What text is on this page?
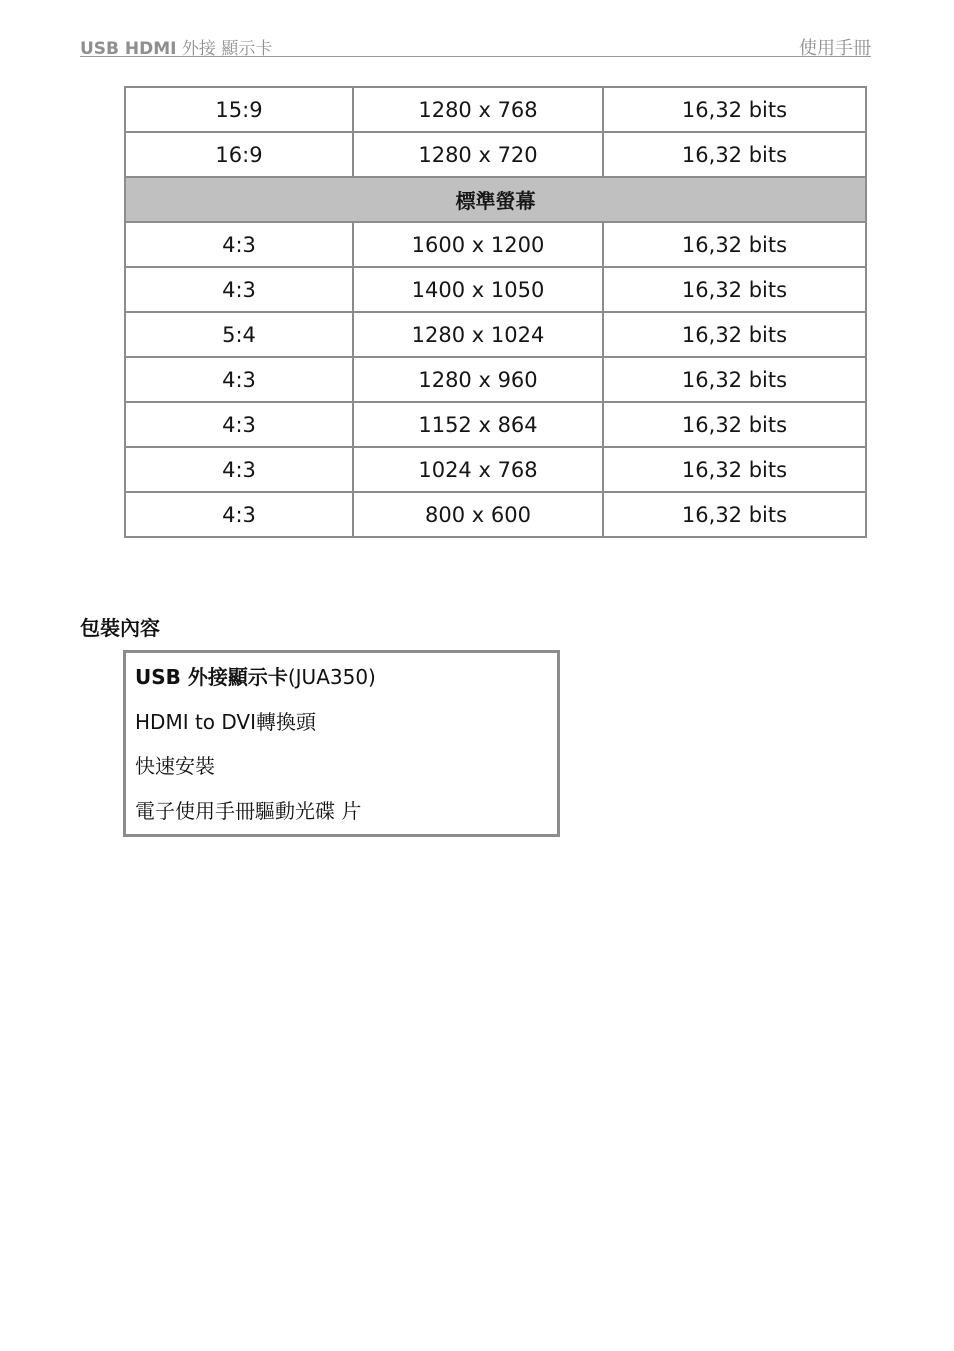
USB HDMI 外接 顯示卡	使用手冊
15:9	1280 x 768	16,32 bits
16:9	1280 x 720	16,32 bits
標準螢幕		
4:3	1600 x 1200	16,32 bits
4:3	1400 x 1050	16,32 bits
5:4	1280 x 1024	16,32 bits
4:3	1280 x 960	16,32 bits
4:3	1152 x 864	16,32 bits
4:3	1024 x 768	16,32 bits
4:3	800 x 600	16,32 bits
包裝內容
USB 外接顯示卡(JUA350)
HDMI to DVI轉換頭
快速安裝
電子使用手冊驅動光碟 片
